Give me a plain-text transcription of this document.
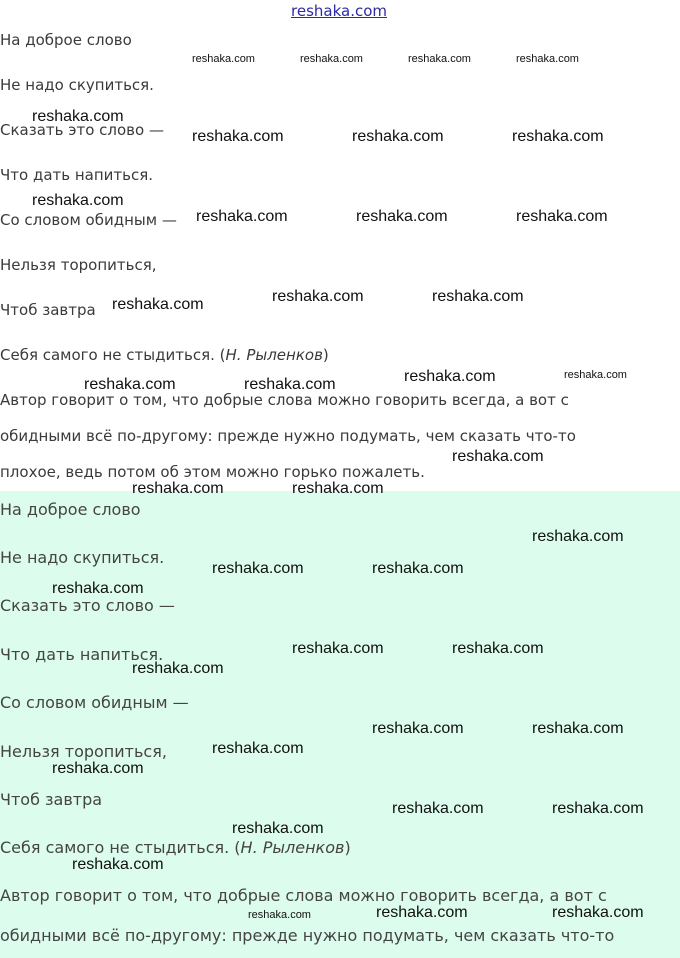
reshaka.com
На доброе слово
Не надо скупиться.
Сказать это слово —
Что дать напиться.
Со словом обидным —
Нельзя торопиться,
Чтоб завтра
Себя самого не стыдиться. (Н. Рыленков)
Автор говорит о том, что добрые слова можно говорить всегда, а вот с
обидными всё по-другому: прежде нужно подумать, чем сказать что-то
плохое, ведь потом об этом можно горько пожалеть.
На доброе слово
Не надо скупиться.
Сказать это слово —
Что дать напиться.
Со словом обидным —
Нельзя торопиться,
Чтоб завтра
Себя самого не стыдиться. (Н. Рыленков)
Автор говорит о том, что добрые слова можно говорить всегда, а вот с
обидными всё по-другому: прежде нужно подумать, чем сказать что-то
reshaka.com	reshaka.com	reshaka.com	reshaka.com
reshaka.com
reshaka.com	reshaka.com	reshaka.com
reshaka.com
reshaka.com	reshaka.com	reshaka.com
reshaka.com	reshaka.com
reshaka.com
reshaka.com	reshaka.com
reshaka.com	reshaka.com
reshaka.com
reshaka.com	reshaka.com
reshaka.com
reshaka.com	reshaka.com
reshaka.com
reshaka.com	reshaka.com
reshaka.com
reshaka.com	reshaka.com
reshaka.com
reshaka.com
reshaka.com	reshaka.com
reshaka.com
reshaka.com
reshaka.com	reshaka.com
reshaka.com
